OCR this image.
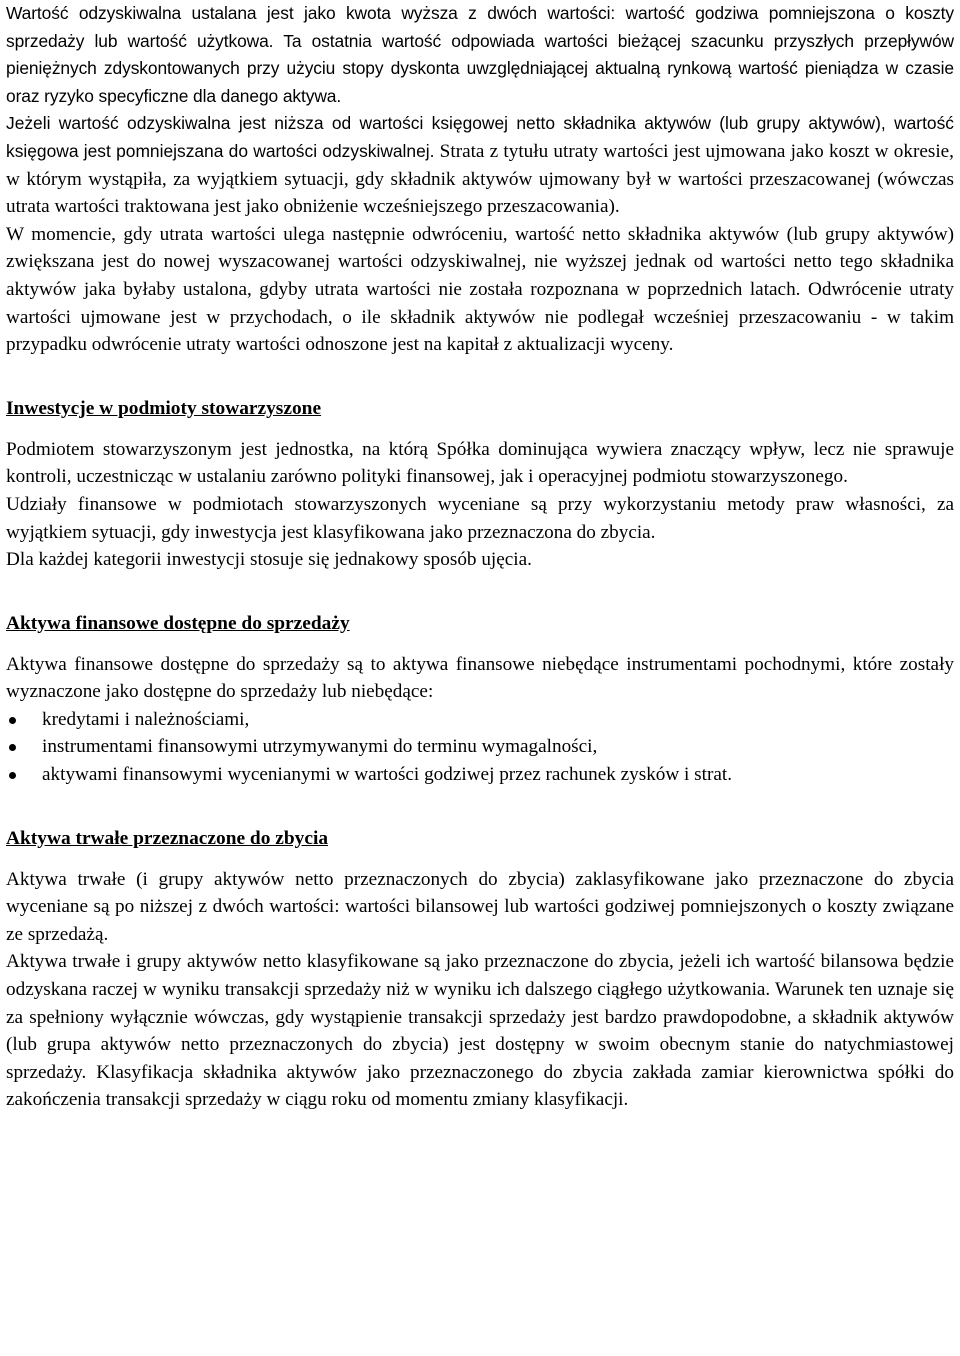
Wartość odzyskiwalna ustalana jest jako kwota wyższa z dwóch wartości: wartość godziwa pomniejszona o koszty sprzedaży lub wartość użytkowa. Ta ostatnia wartość odpowiada wartości bieżącej szacunku przyszłych przepływów pieniężnych zdyskontowanych przy użyciu stopy dyskonta uwzględniającej aktualną rynkową wartość pieniądza w czasie oraz ryzyko specyficzne dla danego aktywa.

Jeżeli wartość odzyskiwalna jest niższa od wartości księgowej netto składnika aktywów (lub grupy aktywów), wartość księgowa jest pomniejszana do wartości odzyskiwalnej. Strata z tytułu utraty wartości jest ujmowana jako koszt w okresie, w którym wystąpiła, za wyjątkiem sytuacji, gdy składnik aktywów ujmowany był w wartości przeszacowanej (wówczas utrata wartości traktowana jest jako obniżenie wcześniejszego przeszacowania).

W momencie, gdy utrata wartości ulega następnie odwróceniu, wartość netto składnika aktywów (lub grupy aktywów) zwiększana jest do nowej wyszacowanej wartości odzyskiwalnej, nie wyższej jednak od wartości netto tego składnika aktywów jaka byłaby ustalona, gdyby utrata wartości nie została rozpoznana w poprzednich latach. Odwrócenie utraty wartości ujmowane jest w przychodach, o ile składnik aktywów nie podlegał wcześniej przeszacowaniu - w takim przypadku odwrócenie utraty wartości odnoszone jest na kapitał z aktualizacji wyceny.

Inwestycje w podmioty stowarzyszone

Podmiotem stowarzyszonym jest jednostka, na którą Spółka dominująca wywiera znaczący wpływ, lecz nie sprawuje kontroli, uczestnicząc w ustalaniu zarówno polityki finansowej, jak i operacyjnej podmiotu stowarzyszonego.

Udziały finansowe w podmiotach stowarzyszonych wyceniane są przy wykorzystaniu metody praw własności, za wyjątkiem sytuacji, gdy inwestycja jest klasyfikowana jako przeznaczona do zbycia.

Dla każdej kategorii inwestycji stosuje się jednakowy sposób ujęcia.

Aktywa finansowe dostępne do sprzedaży

Aktywa finansowe dostępne do sprzedaży są to aktywa finansowe niebędące instrumentami pochodnymi, które zostały wyznaczone jako dostępne do sprzedaży lub niebędące:

kredytami i należnościami,
instrumentami finansowymi utrzymywanymi do terminu wymagalności,
aktywami finansowymi wycenianymi w wartości godziwej przez rachunek zysków i strat.
Aktywa trwałe przeznaczone do zbycia

Aktywa trwałe (i grupy aktywów netto przeznaczonych do zbycia) zaklasyfikowane jako przeznaczone do zbycia wyceniane są po niższej z dwóch wartości: wartości bilansowej lub wartości godziwej pomniejszonych o koszty związane ze sprzedażą.

Aktywa trwałe i grupy aktywów netto klasyfikowane są jako przeznaczone do zbycia, jeżeli ich wartość bilansowa będzie odzyskana raczej w wyniku transakcji sprzedaży niż w wyniku ich dalszego ciągłego użytkowania. Warunek ten uznaje się za spełniony wyłącznie wówczas, gdy wystąpienie transakcji sprzedaży jest bardzo prawdopodobne, a składnik aktywów (lub grupa aktywów netto przeznaczonych do zbycia) jest dostępny w swoim obecnym stanie do natychmiastowej sprzedaży. Klasyfikacja składnika aktywów jako przeznaczonego do zbycia zakłada zamiar kierownictwa spółki do zakończenia transakcji sprzedaży w ciągu roku od momentu zmiany klasyfikacji.
